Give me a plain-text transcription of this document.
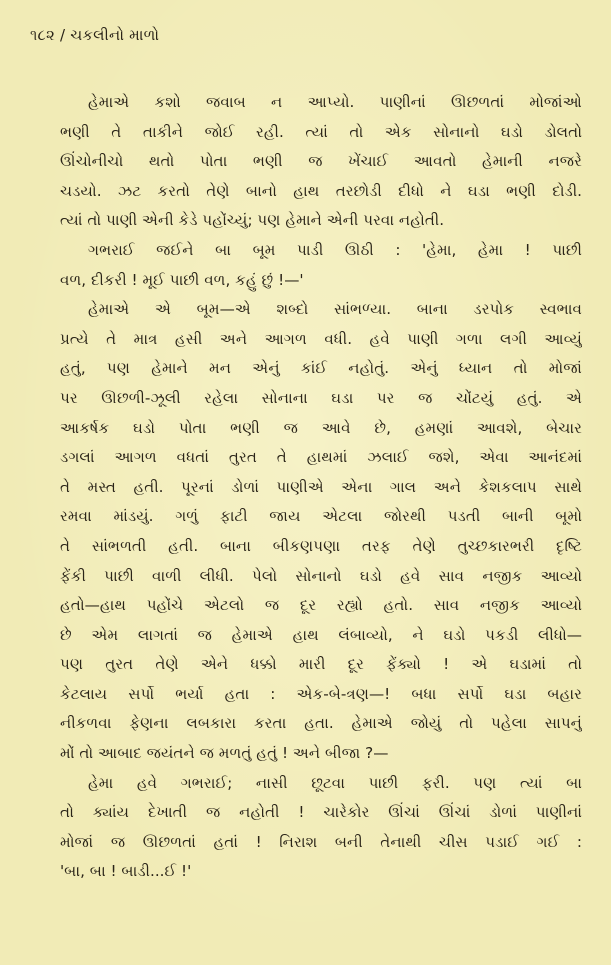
૧૮૨ / ચકલીનો માળો
હેમાએ કશો જવાબ ન આપ્યો. પાણીનાં ઊછળતાં મોજાંઓ
ભણી તે તાકીને જોઈ રહી. ત્યાં તો એક સોનાનો ઘડો ડોલતો
ઊંચોનીચો થતો પોતા ભણી જ ખેંચાઈ આવતો હેમાની નજરે
ચડયો. ઝટ કરતો તેણે બાનો હાથ તરછોડી દીધો ને ઘડા ભણી દોડી.
ત્યાં તો પાણી એની કેડે પહોંચ્યું; પણ હેમાને એની પરવા નહોતી.
ગભરાઈ જઈને બા બૂમ પાડી ઊઠી : 'હેમા, હેમા ! પાછી
વળ, દીકરી ! મૂઈ પાછી વળ, કહું છું !—'
હેમાએ એ બૂમ—એ શબ્દો સાંભળ્યા. બાના ડરપોક સ્વભાવ
પ્રત્યે તે માત્ર હસી અને આગળ વધી. હવે પાણી ગળા લગી આવ્યું
હતું, પણ હેમાને મન એનું કાંઈ નહોતું. એનું ધ્યાન તો મોજાં
પર ઊછળી-ઝૂલી રહેલા સોનાના ઘડા પર જ ચોંટયું હતું. એ
આકર્ષક ઘડો પોતા ભણી જ આવે છે, હમણાં આવશે, બેચાર
ડગલાં આગળ વધતાં તુરત તે હાથમાં ઝલાઈ જશે, એવા આનંદમાં
તે મસ્ત હતી. પૂરનાં ડોળાં પાણીએ એના ગાલ અને કેશકલાપ સાથે
રમવા માંડયું. ગળું ફાટી જાય એટલા જોરથી પડતી બાની બૂમો
તે સાંભળતી હતી. બાના બીકણપણા તરફ તેણે તુચ્છકારભરી દૃષ્ટિ
ફેંકી પાછી વાળી લીધી. પેલો સોનાનો ઘડો હવે સાવ નજીક આવ્યો
હતો—હાથ પહોંચે એટલો જ દૂર રહ્યો હતો. સાવ નજીક આવ્યો
છે એમ લાગતાં જ હેમાએ હાથ લંબાવ્યો, ને ઘડો પકડી લીધો—
પણ તુરત તેણે એને ધક્કો મારી દૂર ફેંક્યો ! એ ઘડામાં તો
કેટલાય સર્પો ભર્યા હતા : એક-બે-ત્રણ—! બધા સર્પો ઘડા બહાર
નીકળવા ફેણના લબકારા કરતા હતા. હેમાએ જોયું તો પહેલા સાપનું
મોં તો આબાદ જયંતને જ મળતું હતું ! અને બીજા ?—
હેમા હવે ગભરાઈ; નાસી છૂટવા પાછી ફરી. પણ ત્યાં બા
તો ક્યાંય દેખાતી જ નહોતી ! ચારેકોર ઊંચાં ઊંચાં ડોળાં પાણીનાં
મોજાં જ ઊછળતાં હતાં ! નિરાશ બની તેનાથી ચીસ પડાઈ ગઈ :
'બા, બા ! બાડી...ઈ !'
